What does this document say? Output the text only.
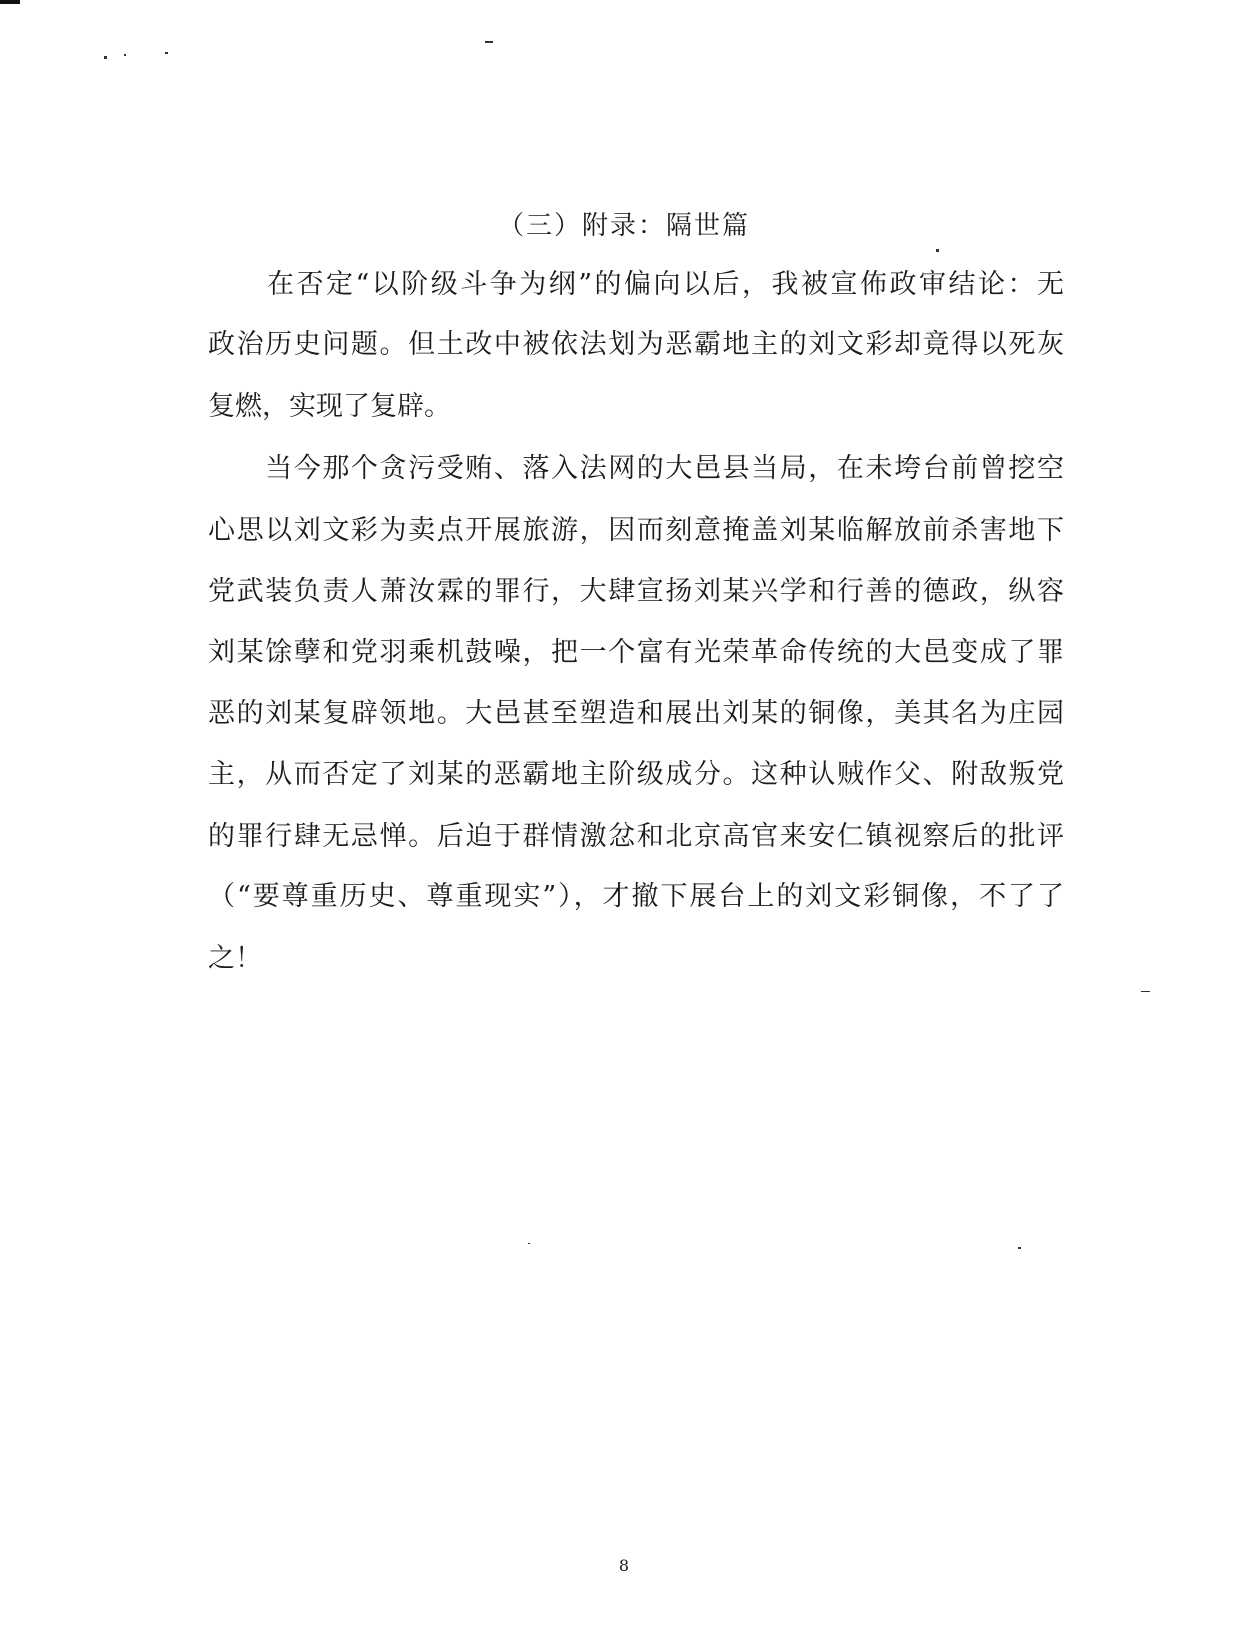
（三）附录：隔世篇
　　在否定“以阶级斗争为纲”的偏向以后，我被宣佈政审结论：无
政治历史问题。但土改中被依法划为恶霸地主的刘文彩却竟得以死灰
复燃，实现了复辟。
　　当今那个贪污受贿、落入法网的大邑县当局，在未垮台前曾挖空
心思以刘文彩为卖点开展旅游，因而刻意掩盖刘某临解放前杀害地下
党武装负责人萧汝霖的罪行，大肆宣扬刘某兴学和行善的德政，纵容
刘某馀孽和党羽乘机鼓噪，把一个富有光荣革命传统的大邑变成了罪
恶的刘某复辟领地。大邑甚至塑造和展出刘某的铜像，美其名为庄园
主，从而否定了刘某的恶霸地主阶级成分。这种认贼作父、附敌叛党
的罪行肆无忌惮。后迫于群情激忿和北京高官来安仁镇视察后的批评
（“要尊重历史、尊重现实”），才撤下展台上的刘文彩铜像，不了了
之！
8
